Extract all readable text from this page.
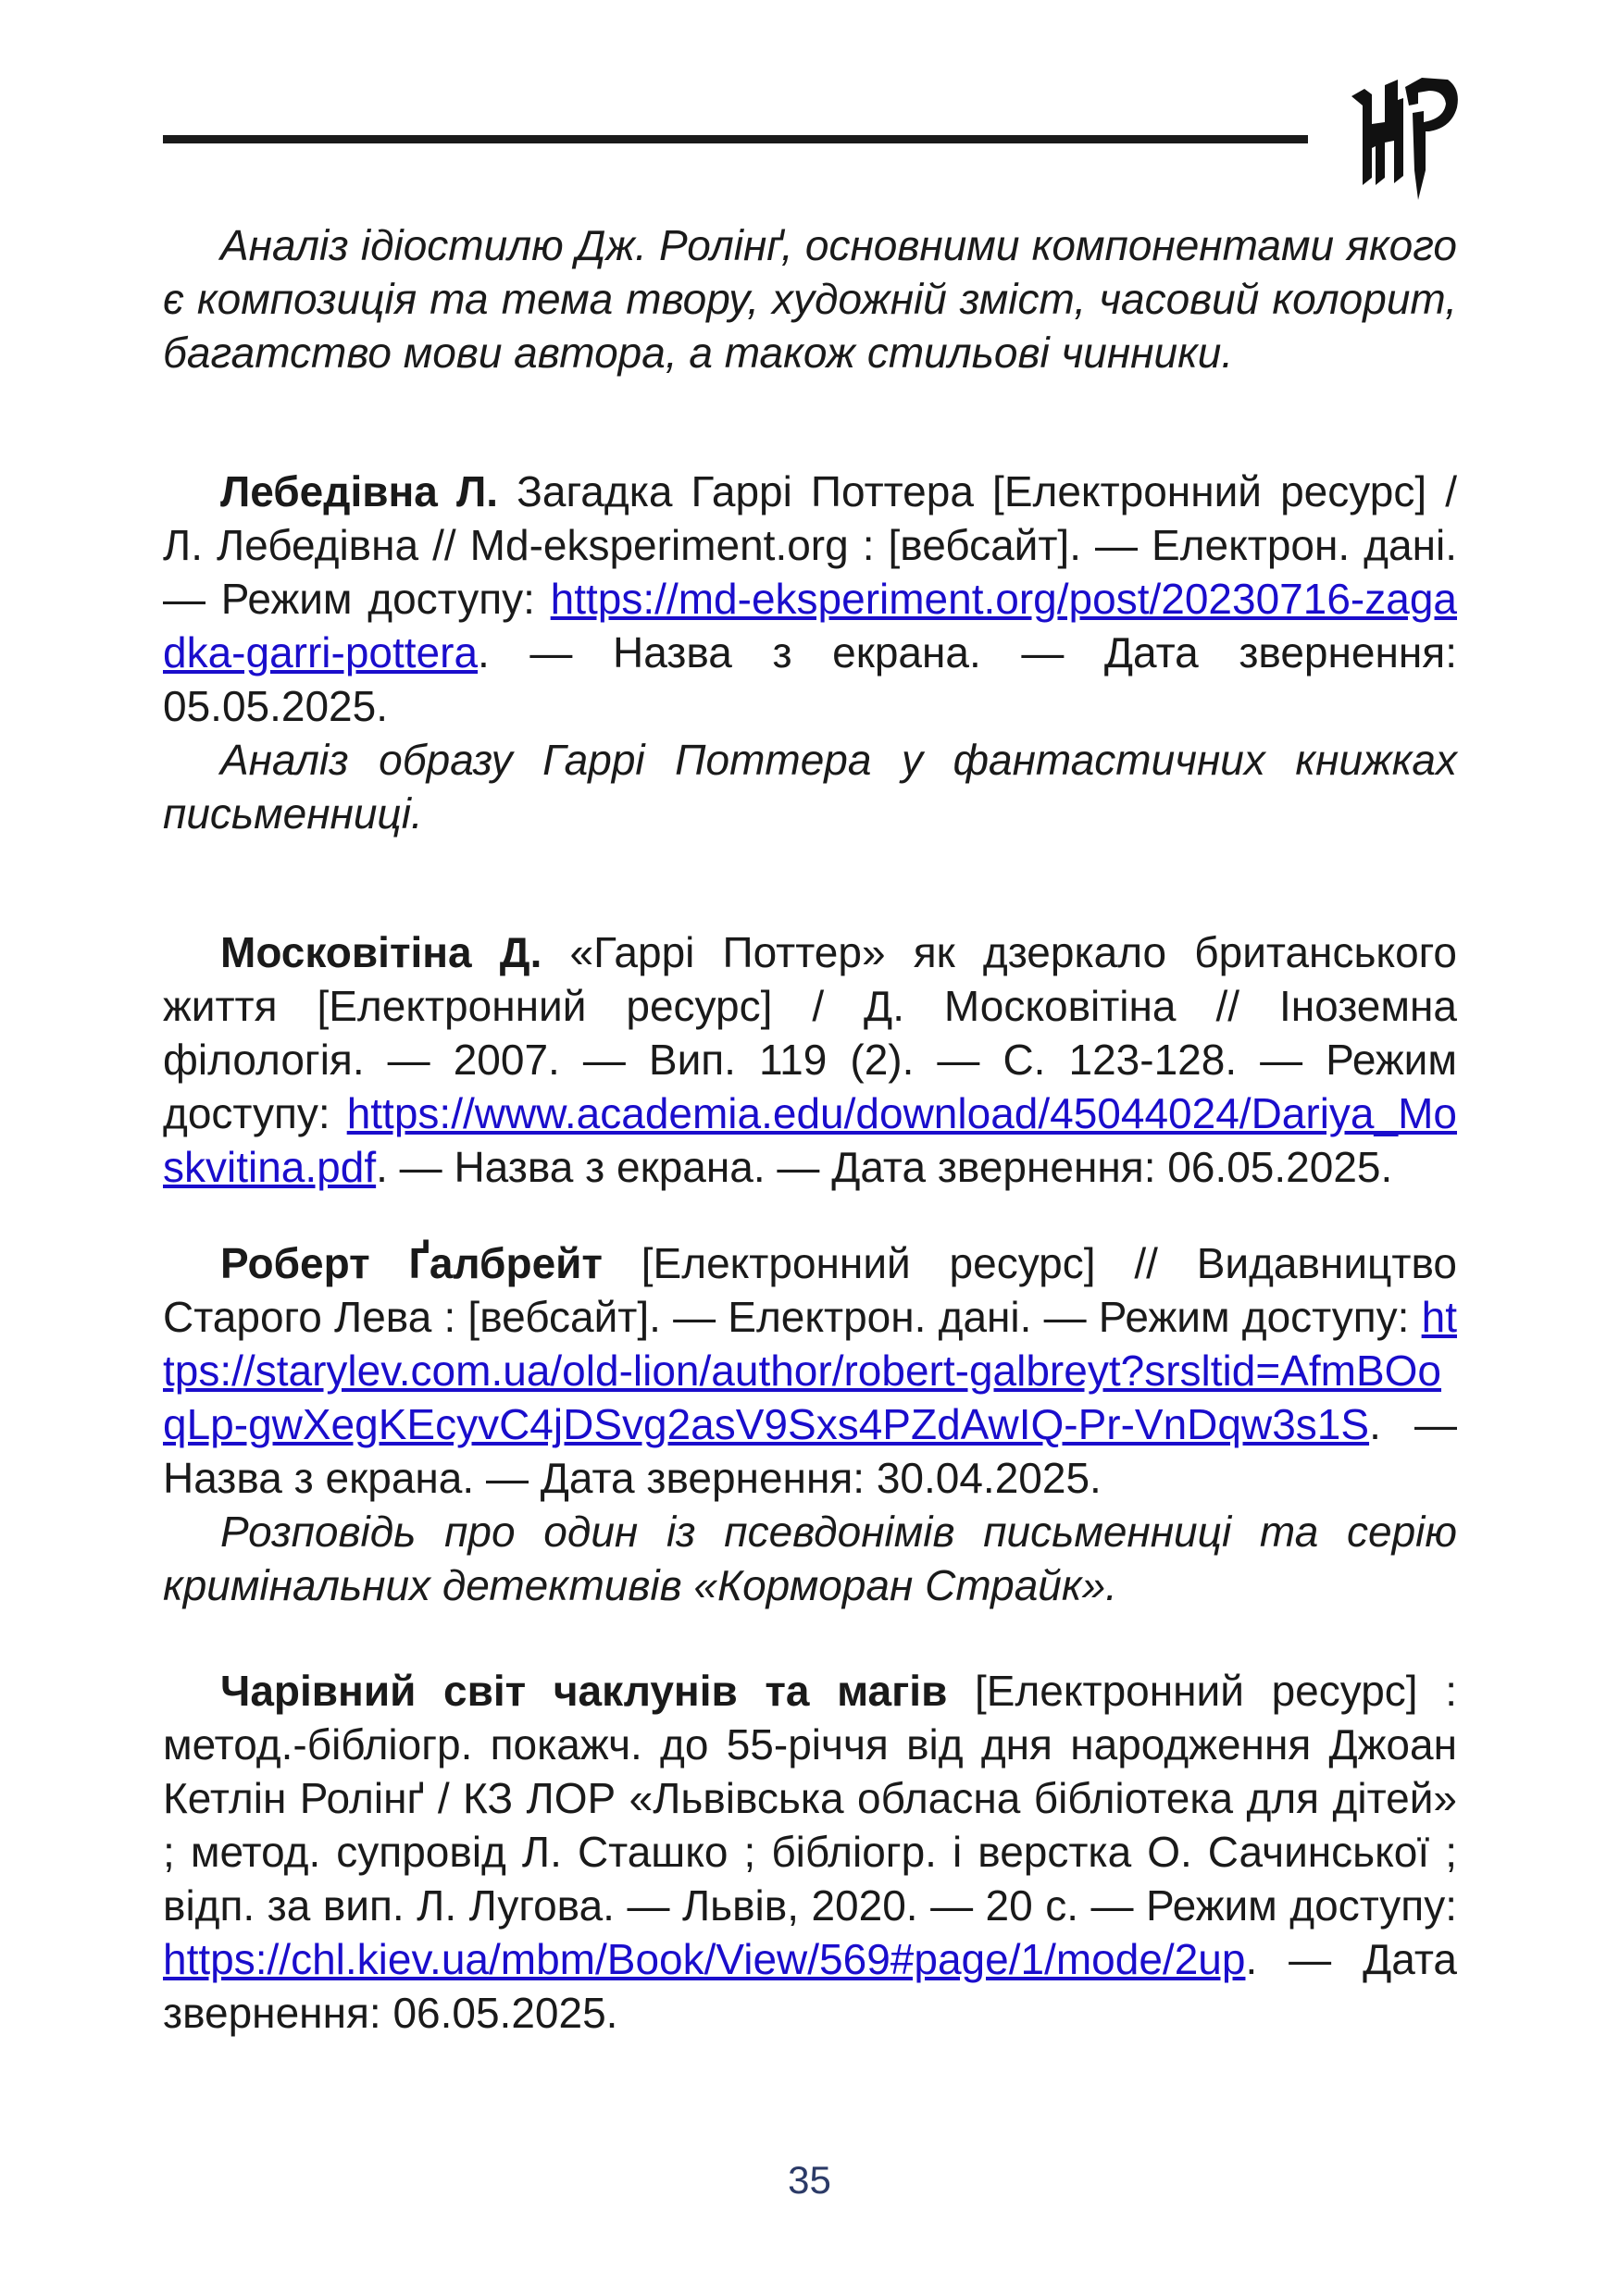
Аналіз ідіостилю Дж. Ролінґ, основними компонентами якого є композиція та тема твору, художній зміст, часовий колорит, багатство мови автора, а також стильові чинники.

Лебедівна Л. Загадка Гаррі Поттера [Електронний ресурс] / Л. Лебедівна // Md-eksperiment.org : [вебсайт]. — Електрон. дані. — Режим доступу: https://md-eksperiment.org/post/20230716-zagadka-garri-pottera. — Назва з екрана. — Дата звернення: 05.05.2025.

Аналіз образу Гаррі Поттера у фантастичних книжках письменниці.

Московітіна Д. «Гаррі Поттер» як дзеркало британського життя [Електронний ресурс] / Д. Московітіна // Іноземна філологія. — 2007. — Вип. 119 (2). — С. 123-128. — Режим доступу: https://www.academia.edu/download/45044024/Dariya_Moskvitina.pdf. — Назва з екрана. — Дата звернення: 06.05.2025.

Роберт Ґалбрейт [Електронний ресурс] // Видавництво Старого Лева : [вебсайт]. — Електрон. дані. — Режим доступу: https://starylev.com.ua/old-lion/author/robert-galbreyt?srsltid=AfmBOoqLp-gwXegKEcyvC4jDSvg2asV9Sxs4PZdAwIQ-Pr-VnDqw3s1S. — Назва з екрана. — Дата звернення: 30.04.2025.

Розповідь про один із псевдонімів письменниці та серію кримінальних детективів «Корморан Страйк».

Чарівний світ чаклунів та магів [Електронний ресурс] : метод.-бібліогр. покажч. до 55-річчя від дня народження Джоан Кетлін Ролінґ / КЗ ЛОР «Львівська обласна бібліотека для дітей» ; метод. супровід Л. Сташко ; бібліогр. і верстка О. Сачинської ; відп. за вип. Л. Лугова. — Львів, 2020. — 20 с. — Режим доступу: https://chl.kiev.ua/mbm/Book/View/569#page/1/mode/2up. — Дата звернення: 06.05.2025.

35
